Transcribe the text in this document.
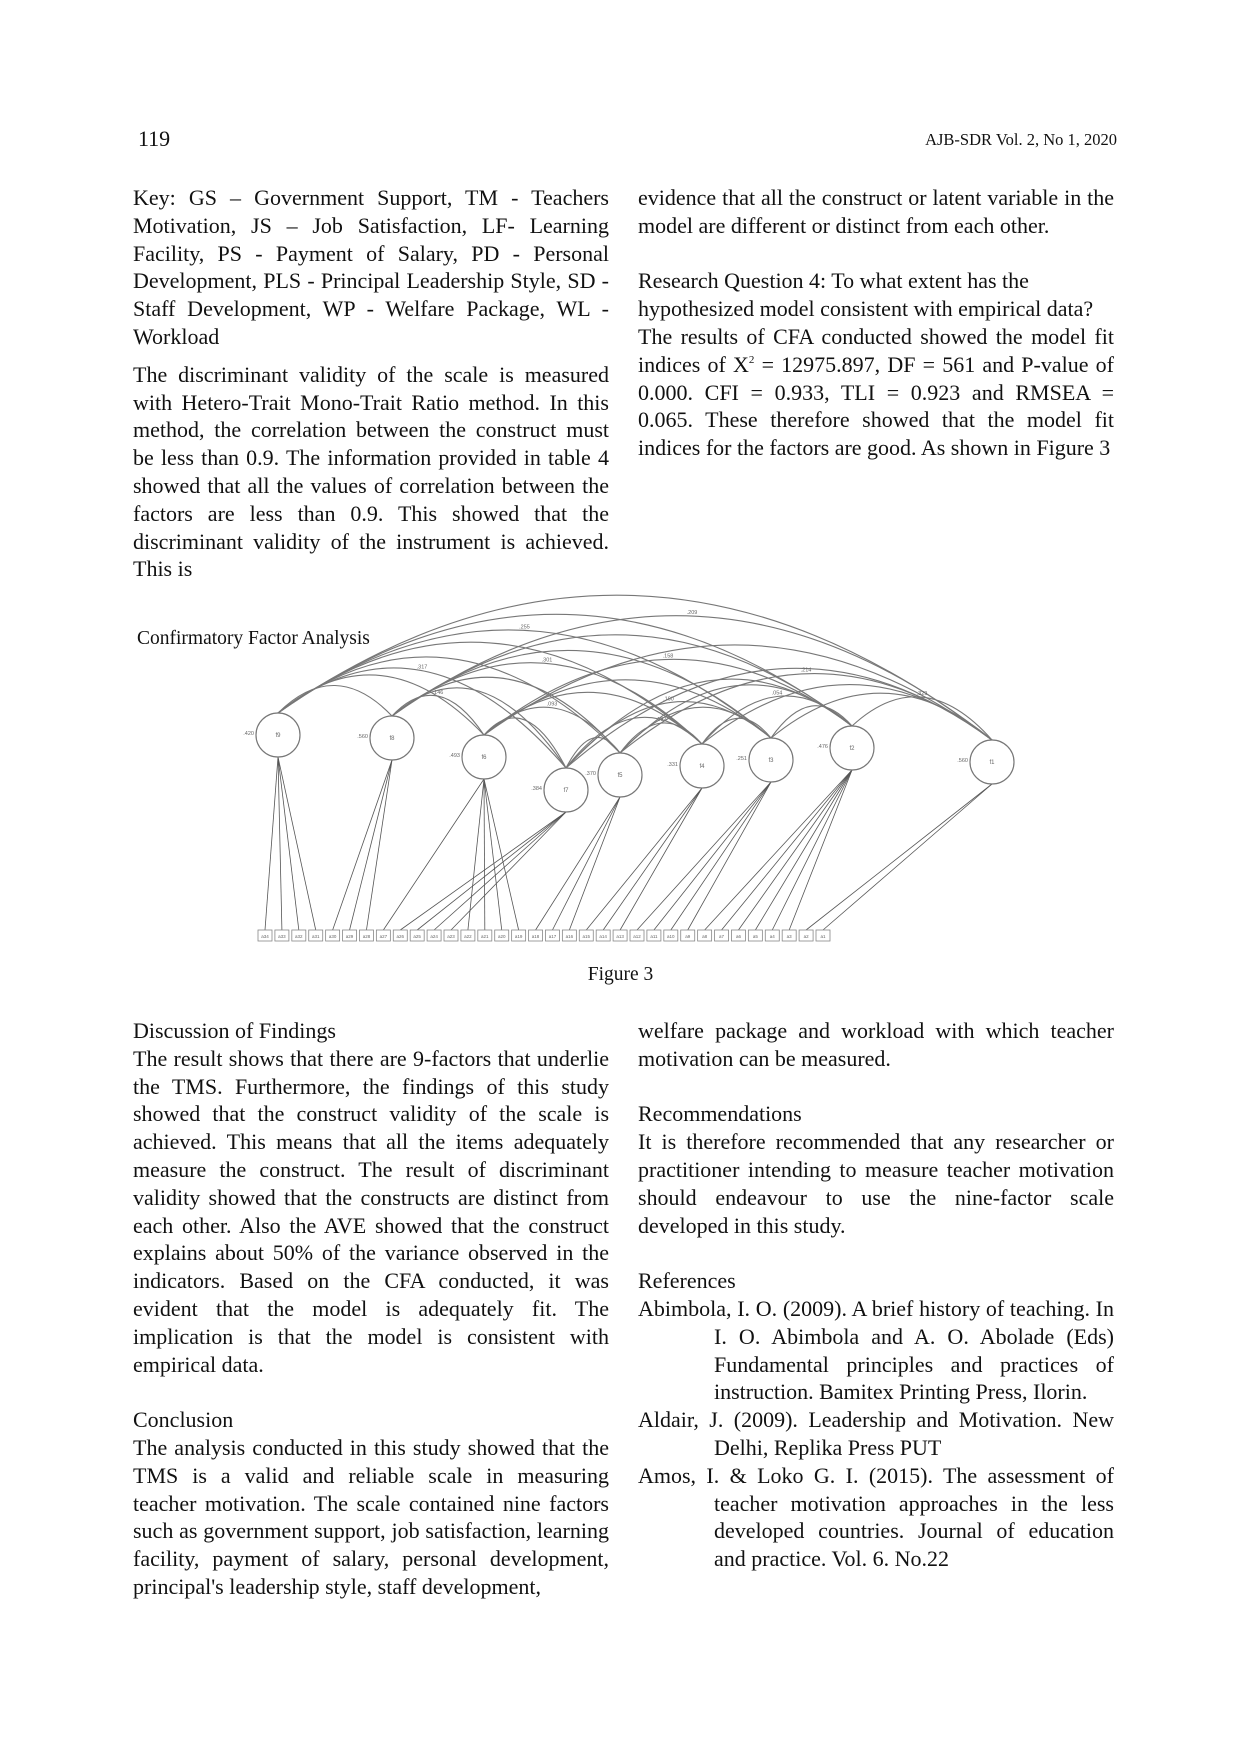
119	AJB-SDR Vol. 2, No 1, 2020

Key: GS – Government Support, TM - Teachers Motivation, JS – Job Satisfaction, LF- Learning Facility, PS - Payment of Salary, PD - Personal Development, PLS - Principal Leadership Style, SD - Staff Development, WP - Welfare Package, WL - Workload

The discriminant validity of the scale is measured with Hetero-Trait Mono-Trait Ratio method. In this method, the correlation between the construct must be less than 0.9. The information provided in table 4 showed that all the values of correlation between the factors are less than 0.9. This showed that the discriminant validity of the instrument is achieved. This is

evidence that all the construct or latent variable in the model are different or distinct from each other.

Research Question 4: To what extent has the hypothesized model consistent with empirical data?

The results of CFA conducted showed the model fit indices of $X^2 = 12975.897$, DF = 561 and P-value of 0.000. CFI = 0.933, TLI = 0.923 and RMSEA = 0.065. These therefore showed that the model fit indices for the factors are good. As shown in Figure 3

Confirmatory Factor Analysis
.317
.255
.146
.301
.209
.093
.158
.190
.192
.214
.054	.329
f9
.420
f8
.560
f6
.493
f7
.384
f5
.370
f4
.331
f3
.251
f2
.476
f1
.560
a34 a33 a32 a31 a30 a29 a28 a27 a26 a25 a24 a23 a22 a21 a20 a19 a18 a17 a16 a15 a14 a13 a12 a11 a10 a9	a8	a7	a6	a5	a4	a3	a2	a1
Figure 3

Discussion of Findings

The result shows that there are 9-factors that underlie the TMS. Furthermore, the findings of this study showed that the construct validity of the scale is achieved. This means that all the items adequately measure the construct. The result of discriminant validity showed that the constructs are distinct from each other. Also the AVE showed that the construct explains about 50% of the variance observed in the indicators. Based on the CFA conducted, it was evident that the model is adequately fit. The implication is that the model is consistent with empirical data.

Conclusion

The analysis conducted in this study showed that the TMS is a valid and reliable scale in measuring teacher motivation. The scale contained nine factors such as government support, job satisfaction, learning facility, payment of salary, personal development, principal's leadership style, staff development,

welfare package and workload with which teacher motivation can be measured.

Recommendations

It is therefore recommended that any researcher or practitioner intending to measure teacher motivation should endeavour to use the nine-factor scale developed in this study.

References

Abimbola, I. O. (2009). A brief history of teaching. In I. O. Abimbola and A. O. Abolade (Eds) Fundamental principles and practices of instruction. Bamitex Printing Press, Ilorin.

Aldair, J. (2009). Leadership and Motivation. New Delhi, Replika Press PUT

Amos, I. & Loko G. I. (2015). The assessment of teacher motivation approaches in the less developed countries. Journal of education and practice. Vol. 6. No.22
